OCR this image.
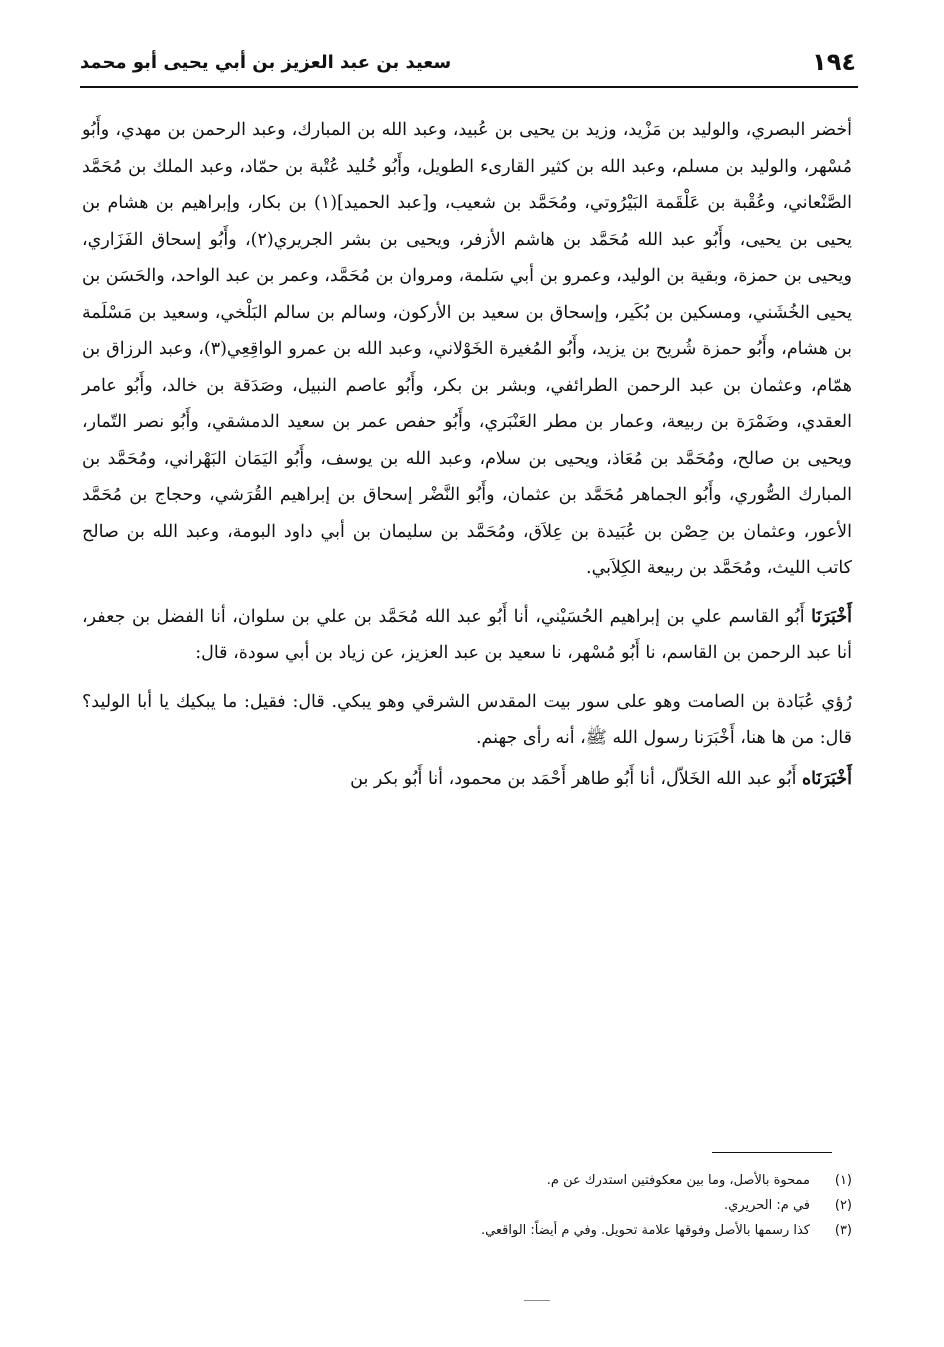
١٩٤
سعيد بن عبد العزيز بن أبي يحيى أبو محمد

أخضر البصري، والوليد بن مَزْيد، وزيد بن يحيى بن عُبيد، وعبد الله بن المبارك، وعبد الرحمن بن مهدي، وأَبُو مُسْهر، والوليد بن مسلم، وعبد الله بن كثير القارىء الطويل، وأَبُو خُليد عُتْبة بن حمّاد، وعبد الملك بن مُحَمَّد الصَّنْعاني، وعُقْبة بن عَلْقَمة البَيْرُوتي، ومُحَمَّد بن شعيب، و[عبد الحميد](١) بن بكار، وإبراهيم بن هشام بن يحيى بن يحيى، وأَبُو عبد الله مُحَمَّد بن هاشم الأزفر، ويحيى بن بشر الجريري(٢)، وأَبُو إسحاق الفَزَاري، ويحيى بن حمزة، وبقية بن الوليد، وعمرو بن أبي سَلمة، ومروان بن مُحَمَّد، وعمر بن عبد الواحد، والحَسَن بن يحيى الخُشَني، ومسكين بن بُكَير، وإسحاق بن سعيد بن الأركون، وسالم بن سالم البَلْخي، وسعيد بن مَسْلَمة بن هشام، وأَبُو حمزة شُريح بن يزيد، وأَبُو المُغيرة الخَوْلاني، وعبد الله بن عمرو الواقِعِي(٣)، وعبد الرزاق بن همّام، وعثمان بن عبد الرحمن الطرائفي، وبشر بن بكر، وأَبُو عاصم النبيل، وصَدَقة بن خالد، وأَبُو عامر العقدي، وضَمْرَة بن ربيعة، وعمار بن مطر العَنْبَري، وأَبُو حفص عمر بن سعيد الدمشقي، وأَبُو نصر التّمار، ويحيى بن صالح، ومُحَمَّد بن مُعَاذ، ويحيى بن سلام، وعبد الله بن يوسف، وأَبُو اليَمَان البَهْراني، ومُحَمَّد بن المبارك الصُّوري، وأَبُو الجماهر مُحَمَّد بن عثمان، وأَبُو النَّضْر إسحاق بن إبراهيم القُرَشي، وحجاج بن مُحَمَّد الأعور، وعثمان بن حِصْن بن عُبَيدة بن عِلاَق، ومُحَمَّد بن سليمان بن أبي داود البومة، وعبد الله بن صالح كاتب الليث، ومُحَمَّد بن ربيعة الكِلاَبي.

أَخْبَرَنَا أَبُو القاسم علي بن إبراهيم الحُسَيْني، أنا أَبُو عبد الله مُحَمَّد بن علي بن سلوان، أنا الفضل بن جعفر، أنا عبد الرحمن بن القاسم، نا أَبُو مُسْهر، نا سعيد بن عبد العزيز، عن زياد بن أبي سودة، قال:

رُؤي عُبَادة بن الصامت وهو على سور بيت المقدس الشرقي وهو يبكي. قال: فقيل: ما يبكيك يا أبا الوليد؟ قال: من ها هنا، أَخْبَرَنا رسول الله ﷺ، أنه رأى جهنم.

أَخْبَرَنَاه أَبُو عبد الله الخَلاّل، أنا أَبُو طاهر أَحْمَد بن محمود، أنا أَبُو بكر بن

(١)
ممحوة بالأصل، وما بين معكوفتين استدرك عن م.
(٢)
في م: الحريري.
(٣)
كذا رسمها بالأصل وفوقها علامة تحويل. وفي م أيضاً: الواقعي.
